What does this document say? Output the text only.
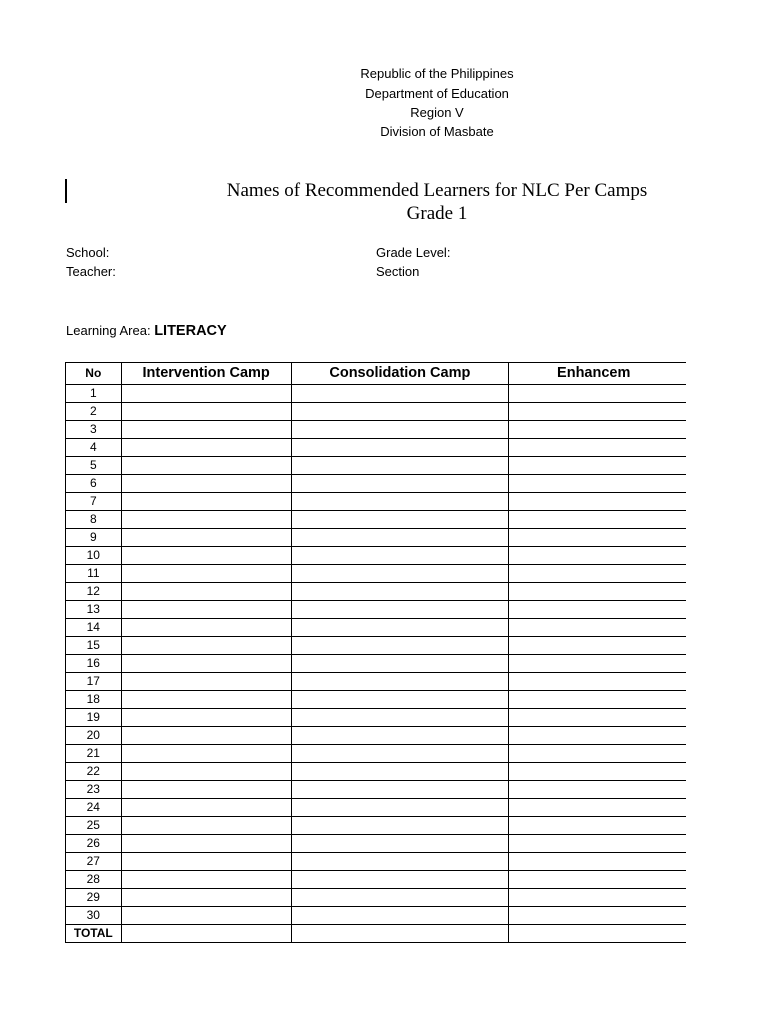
Republic of the Philippines
Department of Education
Region V
Division of Masbate
Names of Recommended Learners for NLC Per Camps
Grade 1
School:
Teacher:
Grade Level:
Section
Learning Area: LITERACY
No	Intervention Camp	Consolidation Camp	Enhancem
1			
2			
3			
4			
5			
6			
7			
8			
9			
10			
11			
12			
13			
14			
15			
16			
17			
18			
19			
20			
21			
22			
23			
24			
25			
26			
27			
28			
29			
30			
TOTAL			
